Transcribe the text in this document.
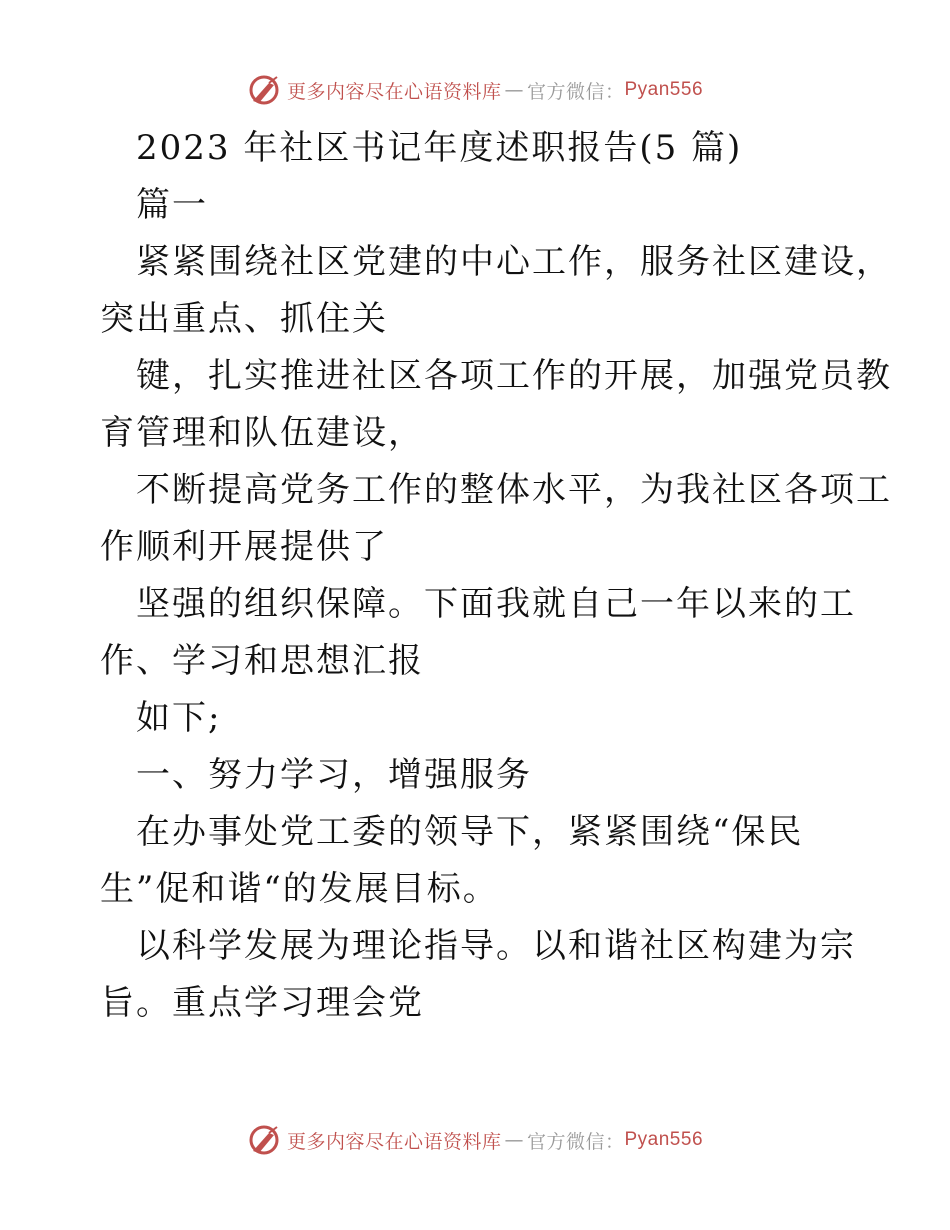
更多内容尽在心语资料库 — 官方微信： Pyan556
2023 年社区书记年度述职报告(5 篇)
篇一
紧紧围绕社区党建的中心工作，服务社区建设，
突出重点、抓住关
键，扎实推进社区各项工作的开展，加强党员教
育管理和队伍建设，
不断提高党务工作的整体水平，为我社区各项工
作顺利开展提供了
坚强的组织保障。下面我就自己一年以来的工
作、学习和思想汇报
如下;
一、努力学习，增强服务
在办事处党工委的领导下，紧紧围绕“保民
生”促和谐“的发展目标。
以科学发展为理论指导。以和谐社区构建为宗
旨。重点学习理会党
更多内容尽在心语资料库 — 官方微信： Pyan556
